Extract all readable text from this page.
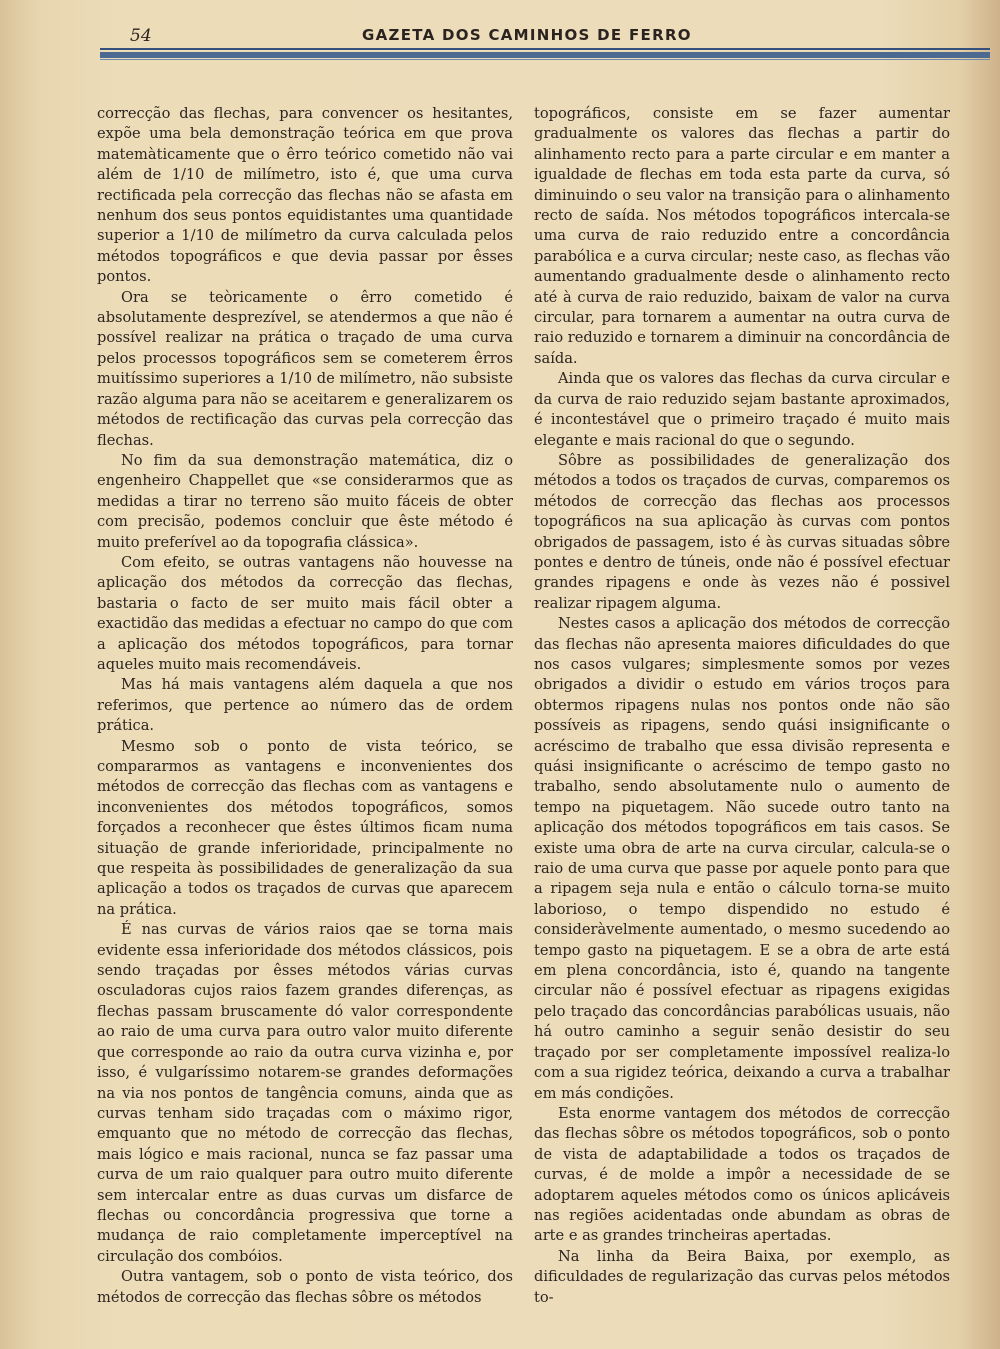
54	GAZETA DOS CAMINHOS DE FERRO

correcção das flechas, para convencer os hesitantes, expõe uma bela demonstração teórica em que prova matemàticamente que o êrro teórico cometido não vai além de 1/10 de milímetro, isto é, que uma curva rectificada pela correcção das flechas não se afasta em nenhum dos seus pontos equidistantes uma quantidade superior a 1/10 de milímetro da curva calculada pelos métodos topográficos e que devia passar por êsses pontos.

Ora se teòricamente o êrro cometido é absolutamente desprezível, se atendermos a que não é possível realizar na prática o traçado de uma curva pelos processos topográficos sem se cometerem êrros muitíssimo superiores a 1/10 de milímetro, não subsiste razão alguma para não se aceitarem e generalizarem os métodos de rectificação das curvas pela correcção das flechas.

No fim da sua demonstração matemática, diz o engenheiro Chappellet que «se considerarmos que as medidas a tirar no terreno são muito fáceis de obter com precisão, podemos concluir que êste método é muito preferível ao da topografia clássica».

Com efeito, se outras vantagens não houvesse na aplicação dos métodos da correcção das flechas, bastaria o facto de ser muito mais fácil obter a exactidão das medidas a efectuar no campo do que com a aplicação dos métodos topográficos, para tornar aqueles muito mais recomendáveis.

Mas há mais vantagens além daquela a que nos referimos, que pertence ao número das de ordem prática.

Mesmo sob o ponto de vista teórico, se compararmos as vantagens e inconvenientes dos métodos de correcção das flechas com as vantagens e inconvenientes dos métodos topográficos, somos forçados a reconhecer que êstes últimos ficam numa situação de grande inferioridade, principalmente no que respeita às possibilidades de generalização da sua aplicação a todos os traçados de curvas que aparecem na prática.

É nas curvas de vários raios qae se torna mais evidente essa inferioridade dos métodos clássicos, pois sendo traçadas por êsses métodos várias curvas osculadoras cujos raios fazem grandes diferenças, as flechas passam bruscamente dó valor correspondente ao raio de uma curva para outro valor muito diferente que corresponde ao raio da outra curva vizinha e, por isso, é vulgaríssimo notarem-se grandes deformações na via nos pontos de tangência comuns, ainda que as curvas tenham sido traçadas com o máximo rigor, emquanto que no método de correcção das flechas, mais lógico e mais racional, nunca se faz passar uma curva de um raio qualquer para outro muito diferente sem intercalar entre as duas curvas um disfarce de flechas ou concordância progressiva que torne a mudança de raio completamente imperceptível na circulação dos combóios.

Outra vantagem, sob o ponto de vista teórico, dos métodos de correcção das flechas sôbre os métodos

topográficos, consiste em se fazer aumentar gradualmente os valores das flechas a partir do alinhamento recto para a parte circular e em manter a igualdade de flechas em toda esta parte da curva, só diminuindo o seu valor na transição para o alinhamento recto de saída. Nos métodos topográficos intercala-se uma curva de raio reduzido entre a concordância parabólica e a curva circular; neste caso, as flechas vão aumentando gradualmente desde o alinhamento recto até à curva de raio reduzido, baixam de valor na curva circular, para tornarem a aumentar na outra curva de raio reduzido e tornarem a diminuir na concordância de saída.

Ainda que os valores das flechas da curva circular e da curva de raio reduzido sejam bastante aproximados, é incontestável que o primeiro traçado é muito mais elegante e mais racional do que o segundo.

Sôbre as possibilidades de generalização dos métodos a todos os traçados de curvas, comparemos os métodos de correcção das flechas aos processos topográficos na sua aplicação às curvas com pontos obrigados de passagem, isto é às curvas situadas sôbre pontes e dentro de túneis, onde não é possível efectuar grandes ripagens e onde às vezes não é possivel realizar ripagem alguma.

Nestes casos a aplicação dos métodos de correcção das flechas não apresenta maiores dificuldades do que nos casos vulgares; simplesmente somos por vezes obrigados a dividir o estudo em vários troços para obtermos ripagens nulas nos pontos onde não são possíveis as ripagens, sendo quási insignificante o acréscimo de trabalho que essa divisão representa e quási insignificante o acréscimo de tempo gasto no trabalho, sendo absolutamente nulo o aumento de tempo na piquetagem. Não sucede outro tanto na aplicação dos métodos topográficos em tais casos. Se existe uma obra de arte na curva circular, calcula-se o raio de uma curva que passe por aquele ponto para que a ripagem seja nula e então o cálculo torna-se muito laborioso, o tempo dispendido no estudo é consideràvelmente aumentado, o mesmo sucedendo ao tempo gasto na piquetagem. E se a obra de arte está em plena concordância, isto é, quando na tangente circular não é possível efectuar as ripagens exigidas pelo traçado das concordâncias parabólicas usuais, não há outro caminho a seguir senão desistir do seu traçado por ser completamente impossível realiza-lo com a sua rigidez teórica, deixando a curva a trabalhar em más condições.

Esta enorme vantagem dos métodos de correcção das flechas sôbre os métodos topográficos, sob o ponto de vista de adaptabilidade a todos os traçados de curvas, é de molde a impôr a necessidade de se adoptarem aqueles métodos como os únicos aplicáveis nas regiões acidentadas onde abundam as obras de arte e as grandes trincheiras apertadas.

Na linha da Beira Baixa, por exemplo, as dificuldades de regularização das curvas pelos métodos to-
